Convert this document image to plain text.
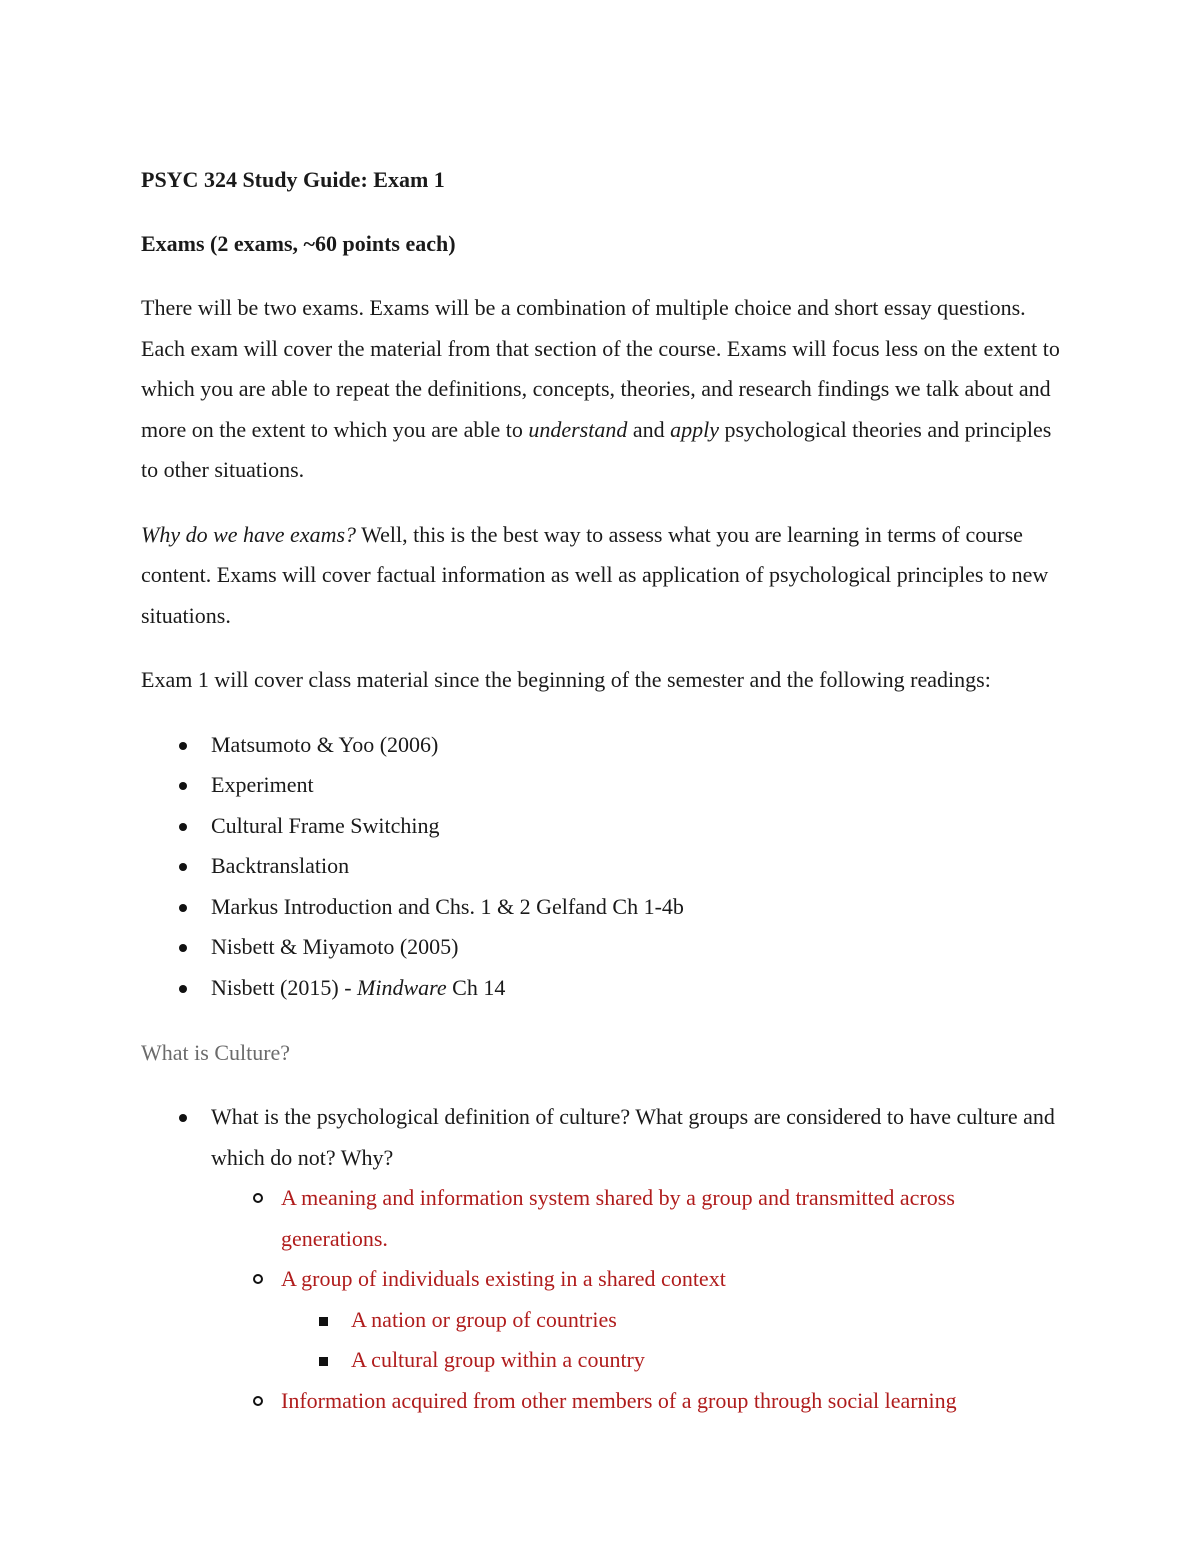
PSYC 324 Study Guide: Exam 1

Exams (2 exams, ~60 points each)

There will be two exams. Exams will be a combination of multiple choice and short essay questions. Each exam will cover the material from that section of the course. Exams will focus less on the extent to which you are able to repeat the definitions, concepts, theories, and research findings we talk about and more on the extent to which you are able to understand and apply psychological theories and principles to other situations.

Why do we have exams? Well, this is the best way to assess what you are learning in terms of course content. Exams will cover factual information as well as application of psychological principles to new situations.

Exam 1 will cover class material since the beginning of the semester and the following readings:

Matsumoto & Yoo (2006)
Experiment
Cultural Frame Switching
Backtranslation
Markus Introduction and Chs. 1 & 2 Gelfand Ch 1-4b
Nisbett & Miyamoto (2005)
Nisbett (2015) - Mindware Ch 14

What is Culture?

What is the psychological definition of culture? What groups are considered to have culture and which do not? Why?
A meaning and information system shared by a group and transmitted across generations.
A group of individuals existing in a shared context
A nation or group of countries
A cultural group within a country
Information acquired from other members of a group through social learning
